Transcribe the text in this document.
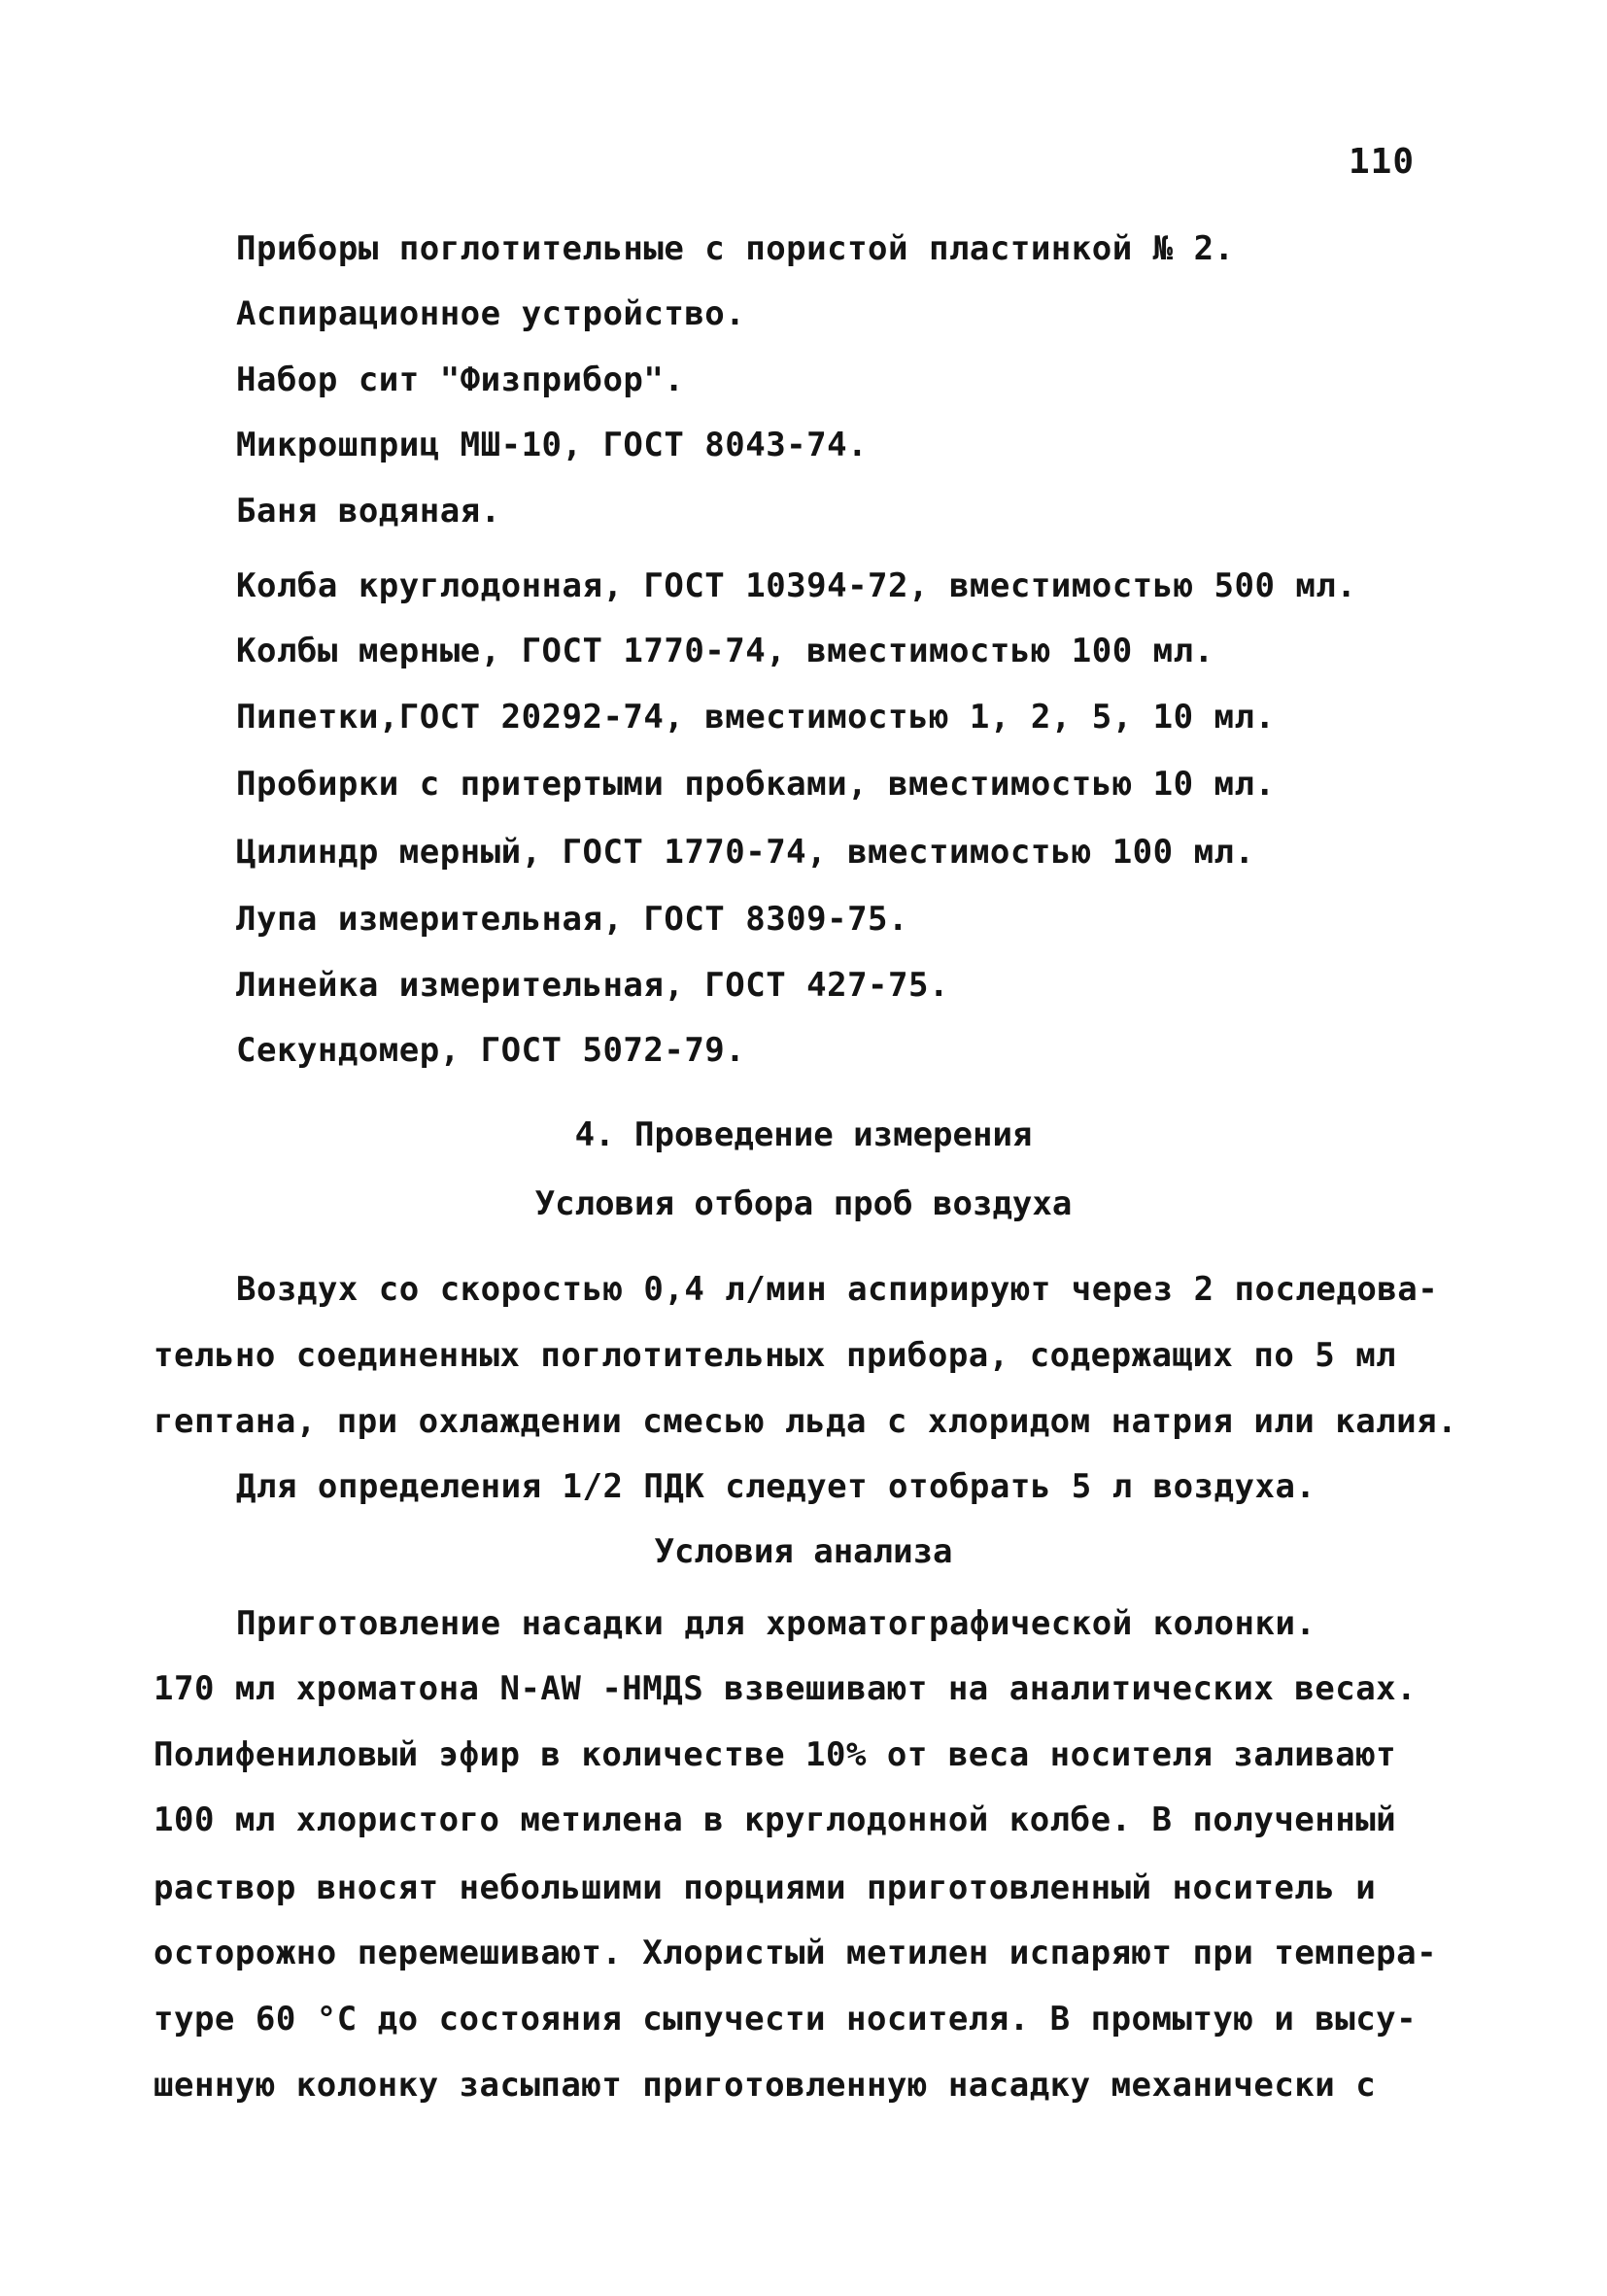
110
Приборы поглотительные с пористой пластинкой № 2.
Аспирационное устройство.
Набор сит "Физприбор".
Микрошприц МШ-10, ГОСТ 8043-74.
Баня водяная.
Колба круглодонная, ГОСТ 10394-72, вместимостью 500 мл.
Колбы мерные, ГОСТ 1770-74, вместимостью 100 мл.
Пипетки,ГОСТ 20292-74, вместимостью 1, 2, 5, 10 мл.
Пробирки с притертыми пробками, вместимостью 10 мл.
Цилиндр мерный, ГОСТ 1770-74, вместимостью 100 мл.
Лупа измерительная, ГОСТ 8309-75.
Линейка измерительная, ГОСТ 427-75.
Секундомер, ГОСТ 5072-79.
4. Проведение измерения
Условия отбора проб воздуха
Воздух со скоростью 0,4 л/мин аспирируют через 2 последова-
тельно соединенных поглотительных прибора, содержащих по 5 мл
гептана, при охлаждении смесью льда с хлоридом натрия или калия.
Для определения 1/2 ПДК следует отобрать 5 л воздуха.
Условия анализа
Приготовление насадки для хроматографической колонки.
170 мл хроматона N-AW -HMДS взвешивают на аналитических весах.
Полифениловый эфир в количестве 10% от веса носителя заливают
100 мл хлористого метилена в круглодонной колбе. В полученный
раствор вносят небольшими порциями приготовленный носитель и
осторожно перемешивают. Хлористый метилен испаряют при темпера-
туре 60 °С до состояния сыпучести носителя. В промытую и высу-
шенную колонку засыпают приготовленную насадку механически с
